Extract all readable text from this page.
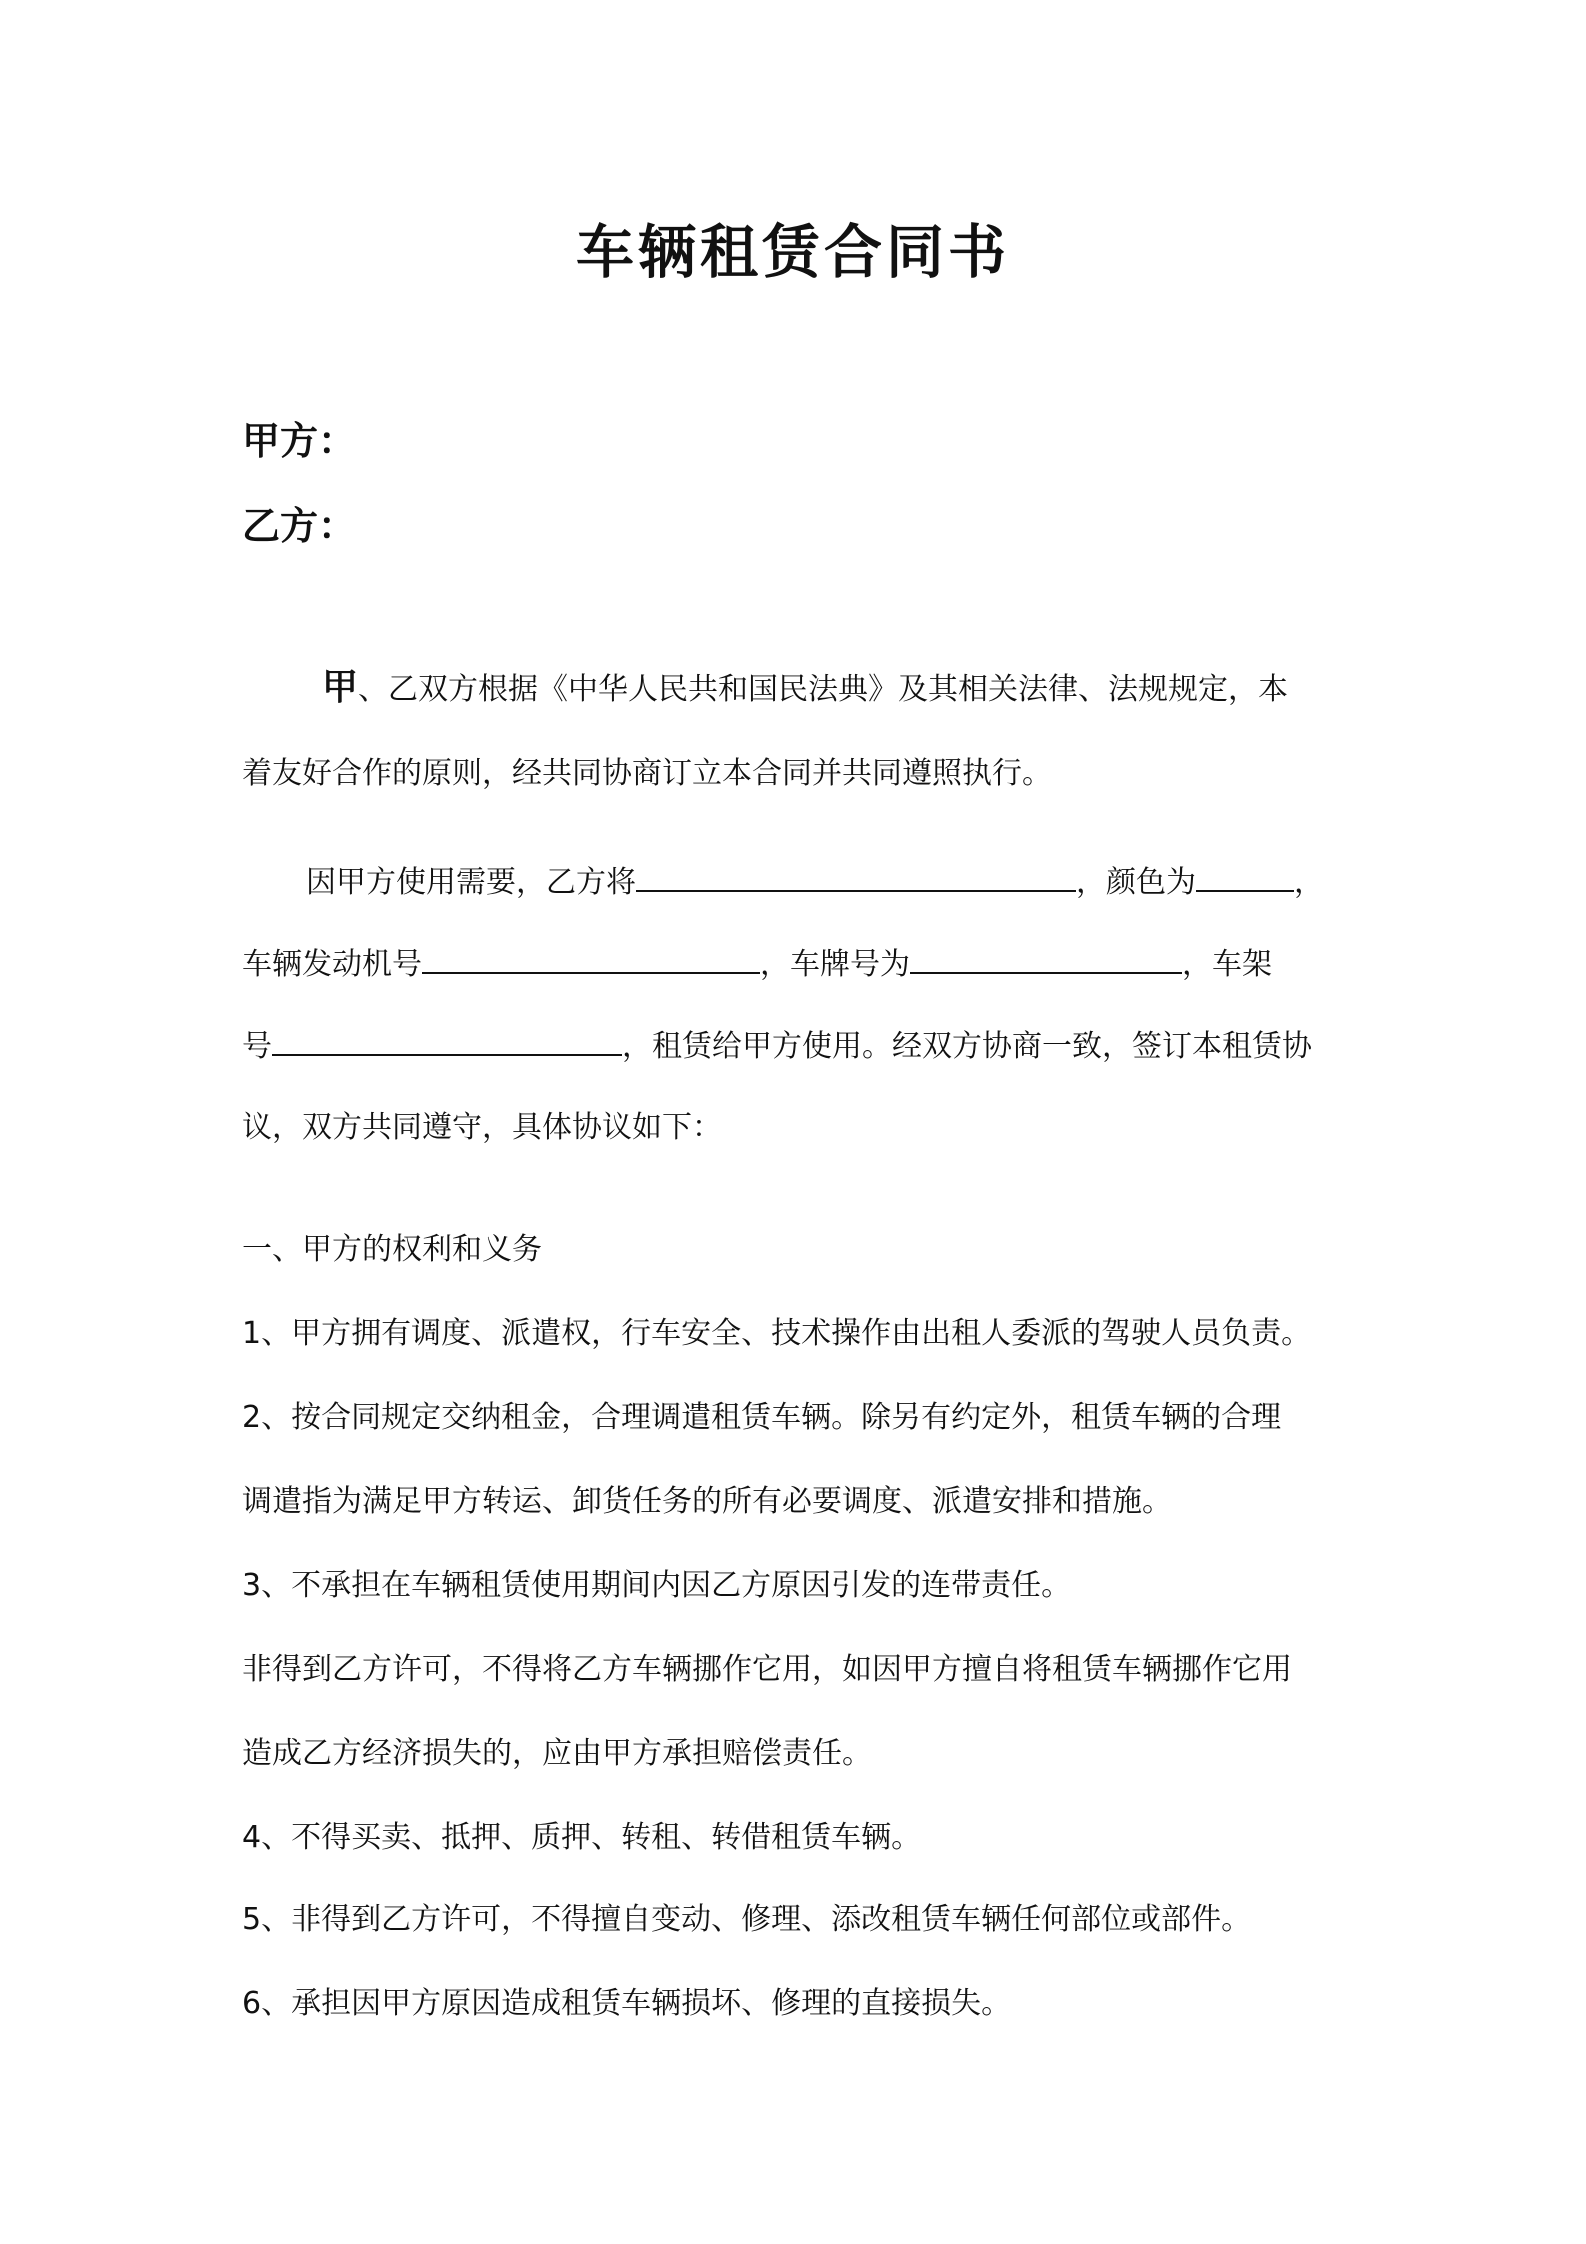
车辆租赁合同书
甲方：
乙方：
甲、乙双方根据《中华人民共和国民法典》及其相关法律、法规规定，本
着友好合作的原则，经共同协商订立本合同并共同遵照执行。
因甲方使用需要，乙方将	，颜色为	，
车辆发动机号	，车牌号为	，车架
号	，租赁给甲方使用。经双方协商一致，签订本租赁协
议，双方共同遵守，具体协议如下：
一、甲方的权利和义务
1、甲方拥有调度、派遣权，行车安全、技术操作由出租人委派的驾驶人员负责。
2、按合同规定交纳租金，合理调遣租赁车辆。除另有约定外，租赁车辆的合理
调遣指为满足甲方转运、卸货任务的所有必要调度、派遣安排和措施。
3、不承担在车辆租赁使用期间内因乙方原因引发的连带责任。
非得到乙方许可，不得将乙方车辆挪作它用，如因甲方擅自将租赁车辆挪作它用
造成乙方经济损失的，应由甲方承担赔偿责任。
4、不得买卖、抵押、质押、转租、转借租赁车辆。
5、非得到乙方许可，不得擅自变动、修理、添改租赁车辆任何部位或部件。
6、承担因甲方原因造成租赁车辆损坏、修理的直接损失。
